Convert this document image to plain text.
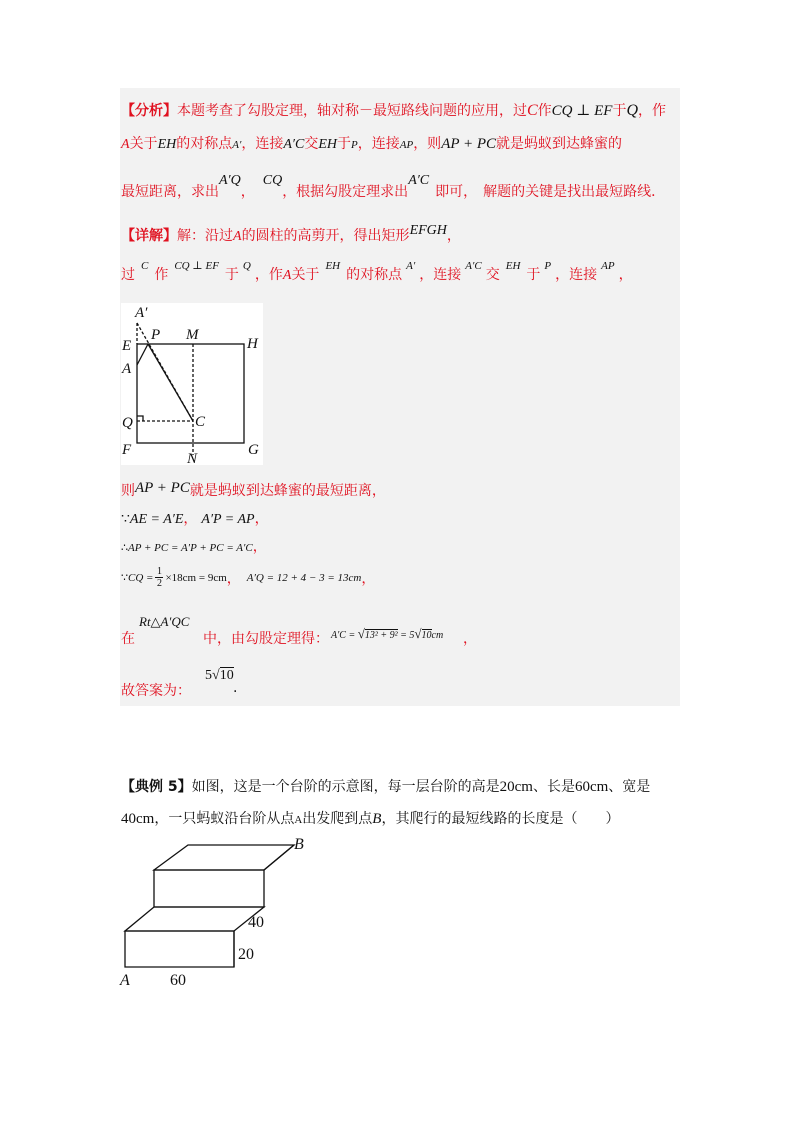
【分析】本题考查了勾股定理，轴对称－最短路线问题的应用，过C作CQ ⊥ EF于Q，作
A关于EH的对称点A′，连接A′C交EH于P，连接AP，则AP + PC就是蚂蚁到达蜂蜜的
最短距离，求出A′Q，CQ，根据勾股定理求出A′C即可， 解题的关键是找出最短路线．
【详解】解：沿过A的圆柱的高剪开，得出矩形EFGH，
过$^C$作$^{CQ \perp EF}$于$^Q$，作A关于$^{EH}$的对称点$^{A'}$，连接$^{A'C}$交$^{EH}$于$^P$，连接$^{AP}$，
A′
P M
E	H
A
Q	C
F
N
G
则AP + PC就是蚂蚁到达蜂蜜的最短距离，
∵AE = A′E， A′P = AP，
∴AP + PC = A′P + PC = A′C，
∵ CQ = 1
2 ×18cm = 9cm ， A′Q = 12 + 4 − 3 = 13cm ，
Rt△A′QC
在	中，由勾股定理得： A′C = √13² + 9² = 5√10cm ，
故答案为：
5√10
.
【典例 5】如图，这是一个台阶的示意图，每一层台阶的高是20cm、长是60cm、宽是
40cm，一只蚂蚁沿台阶从点A出发爬到点B，其爬行的最短线路的长度是（　　）
B
40
20
A	60
